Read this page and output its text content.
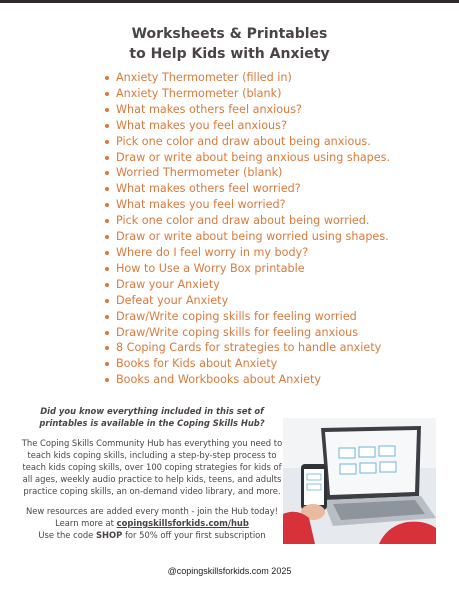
Worksheets & Printables
to Help Kids with Anxiety
Anxiety Thermometer (filled in)
Anxiety Thermometer (blank)
What makes others feel anxious?
What makes you feel anxious?
Pick one color and draw about being anxious.
Draw or write about being anxious using shapes.
Worried Thermometer (blank)
What makes others feel worried?
What makes you feel worried?
Pick one color and draw about being worried.
Draw or write about being worried using shapes.
Where do I feel worry in my body?
How to Use a Worry Box printable
Draw your Anxiety
Defeat your Anxiety
Draw/Write coping skills for feeling worried
Draw/Write coping skills for feeling anxious
8 Coping Cards for strategies to handle anxiety
Books for Kids about Anxiety
Books and Workbooks about Anxiety

Did you know everything included in this set of printables is available in the Coping Skills Hub?

The Coping Skills Community Hub has everything you need to teach kids coping skills, including a step-by-step process to teach kids coping skills, over 100 coping strategies for kids of all ages, weekly audio practice to help kids, teens, and adults practice coping skills, an on-demand video library, and more.

New resources are added every month - join the Hub today!
Learn more at copingskillsforkids.com/hub
Use the code SHOP for 50% off your first subscription
@copingskillsforkids.com 2025
